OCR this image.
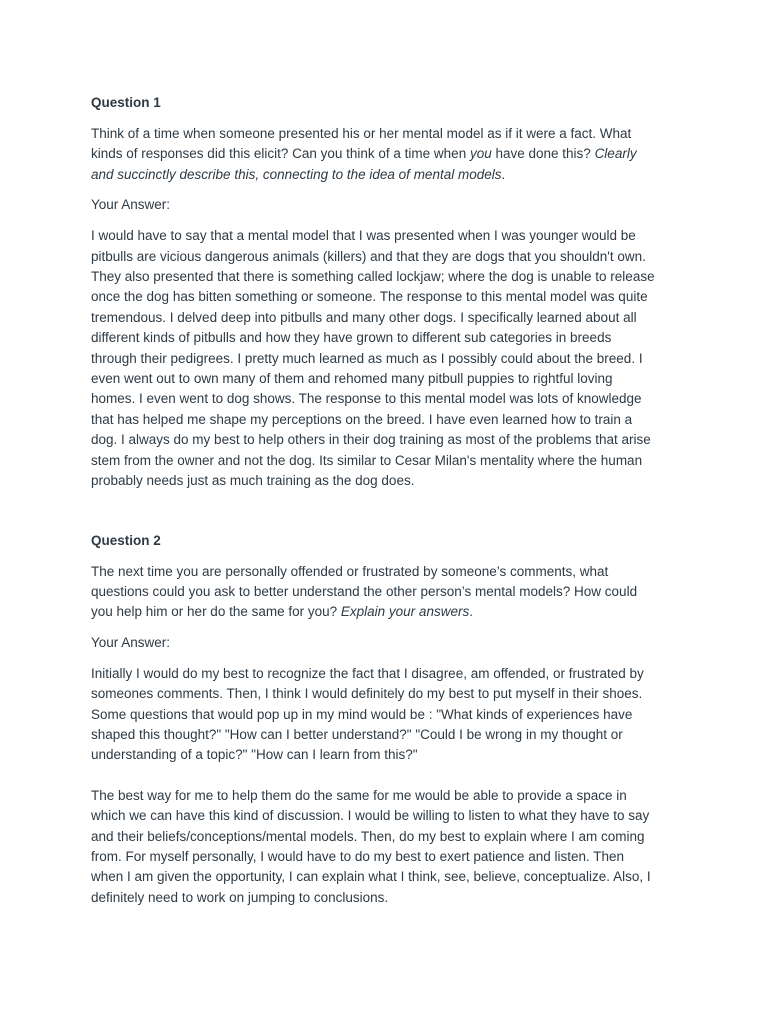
Question 1

Think of a time when someone presented his or her mental model as if it were a fact. What
kinds of responses did this elicit? Can you think of a time when you have done this? Clearly
and succinctly describe this, connecting to the idea of mental models.

Your Answer:

I would have to say that a mental model that I was presented when I was younger would be
pitbulls are vicious dangerous animals (killers) and that they are dogs that you shouldn't own.
They also presented that there is something called lockjaw; where the dog is unable to release
once the dog has bitten something or someone. The response to this mental model was quite
tremendous. I delved deep into pitbulls and many other dogs. I specifically learned about all
different kinds of pitbulls and how they have grown to different sub categories in breeds
through their pedigrees. I pretty much learned as much as I possibly could about the breed. I
even went out to own many of them and rehomed many pitbull puppies to rightful loving
homes. I even went to dog shows. The response to this mental model was lots of knowledge
that has helped me shape my perceptions on the breed. I have even learned how to train a
dog. I always do my best to help others in their dog training as most of the problems that arise
stem from the owner and not the dog. Its similar to Cesar Milan's mentality where the human
probably needs just as much training as the dog does.

Question 2

The next time you are personally offended or frustrated by someone’s comments, what
questions could you ask to better understand the other person’s mental models? How could
you help him or her do the same for you? Explain your answers.

Your Answer:

Initially I would do my best to recognize the fact that I disagree, am offended, or frustrated by
someones comments. Then, I think I would definitely do my best to put myself in their shoes.
Some questions that would pop up in my mind would be : "What kinds of experiences have
shaped this thought?" "How can I better understand?" "Could I be wrong in my thought or
understanding of a topic?" "How can I learn from this?"

The best way for me to help them do the same for me would be able to provide a space in
which we can have this kind of discussion. I would be willing to listen to what they have to say
and their beliefs/conceptions/mental models. Then, do my best to explain where I am coming
from. For myself personally, I would have to do my best to exert patience and listen. Then
when I am given the opportunity, I can explain what I think, see, believe, conceptualize. Also, I
definitely need to work on jumping to conclusions.
